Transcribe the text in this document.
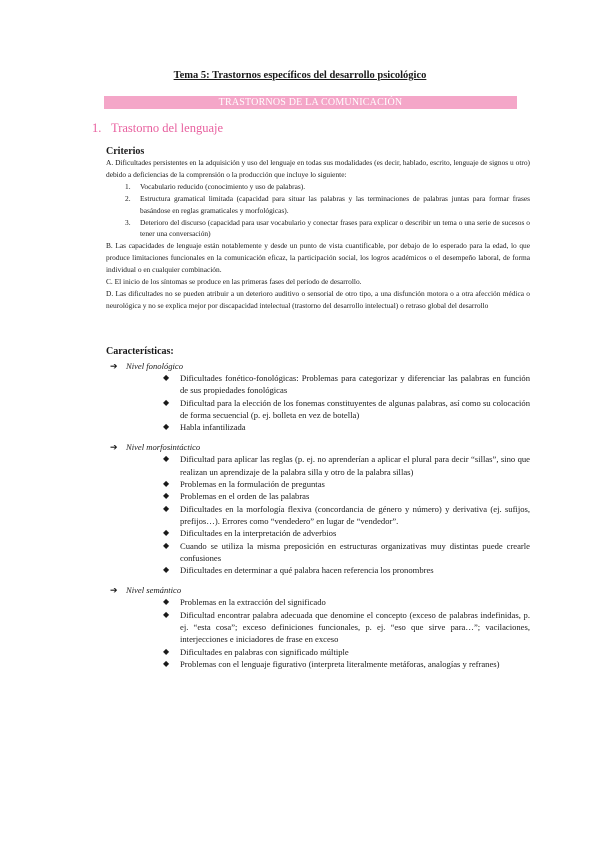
Tema 5: Trastornos específicos del desarrollo psicológico
TRASTORNOS DE LA COMUNICACIÓN
1. Trastorno del lenguaje
Criterios

A. Dificultades persistentes en la adquisición y uso del lenguaje en todas sus modalidades (es decir, hablado, escrito, lenguaje de signos u otro) debido a deficiencias de la comprensión o la producción que incluye lo siguiente:

1. Vocabulario reducido (conocimiento y uso de palabras).
2. Estructura gramatical limitada (capacidad para situar las palabras y las terminaciones de palabras juntas para formar frases basándose en reglas gramaticales y morfológicas).
3. Deterioro del discurso (capacidad para usar vocabulario y conectar frases para explicar o describir un tema o una serie de sucesos o tener una conversación)

B. Las capacidades de lenguaje están notablemente y desde un punto de vista cuantificable, por debajo de lo esperado para la edad, lo que produce limitaciones funcionales en la comunicación eficaz, la participación social, los logros académicos o el desempeño laboral, de forma individual o en cualquier combinación.

C. El inicio de los síntomas se produce en las primeras fases del período de desarrollo.

D. Las dificultades no se pueden atribuir a un deterioro auditivo o sensorial de otro tipo, a una disfunción motora o a otra afección médica o neurológica y no se explica mejor por discapacidad intelectual (trastorno del desarrollo intelectual) o retraso global del desarrollo

Características:
➔ Nivel fonológico
◆ Dificultades fonético-fonológicas: Problemas para categorizar y diferenciar las palabras en función de sus propiedades fonológicas
◆ Dificultad para la elección de los fonemas constituyentes de algunas palabras, así como su colocación de forma secuencial (p. ej. bolleta en vez de botella)
◆ Habla infantilizada
➔ Nivel morfosintáctico
◆ Dificultad para aplicar las reglas (p. ej. no aprenderían a aplicar el plural para decir “sillas”, sino que realizan un aprendizaje de la palabra silla y otro de la palabra sillas)
◆ Problemas en la formulación de preguntas
◆ Problemas en el orden de las palabras
◆ Dificultades en la morfología flexiva (concordancia de género y número) y derivativa (ej. sufijos, prefijos…). Errores como “vendedero” en lugar de “vendedor”.
◆ Dificultades en la interpretación de adverbios
◆ Cuando se utiliza la misma preposición en estructuras organizativas muy distintas puede crearle confusiones
◆ Dificultades en determinar a qué palabra hacen referencia los pronombres
➔ Nivel semántico
◆ Problemas en la extracción del significado
◆ Dificultad encontrar palabra adecuada que denomine el concepto (exceso de palabras indefinidas, p. ej. “esta cosa”; exceso definiciones funcionales, p. ej. “eso que sirve para…”; vacilaciones, interjecciones e iniciadores de frase en exceso
◆ Dificultades en palabras con significado múltiple
◆ Problemas con el lenguaje figurativo (interpreta literalmente metáforas, analogías y refranes)
